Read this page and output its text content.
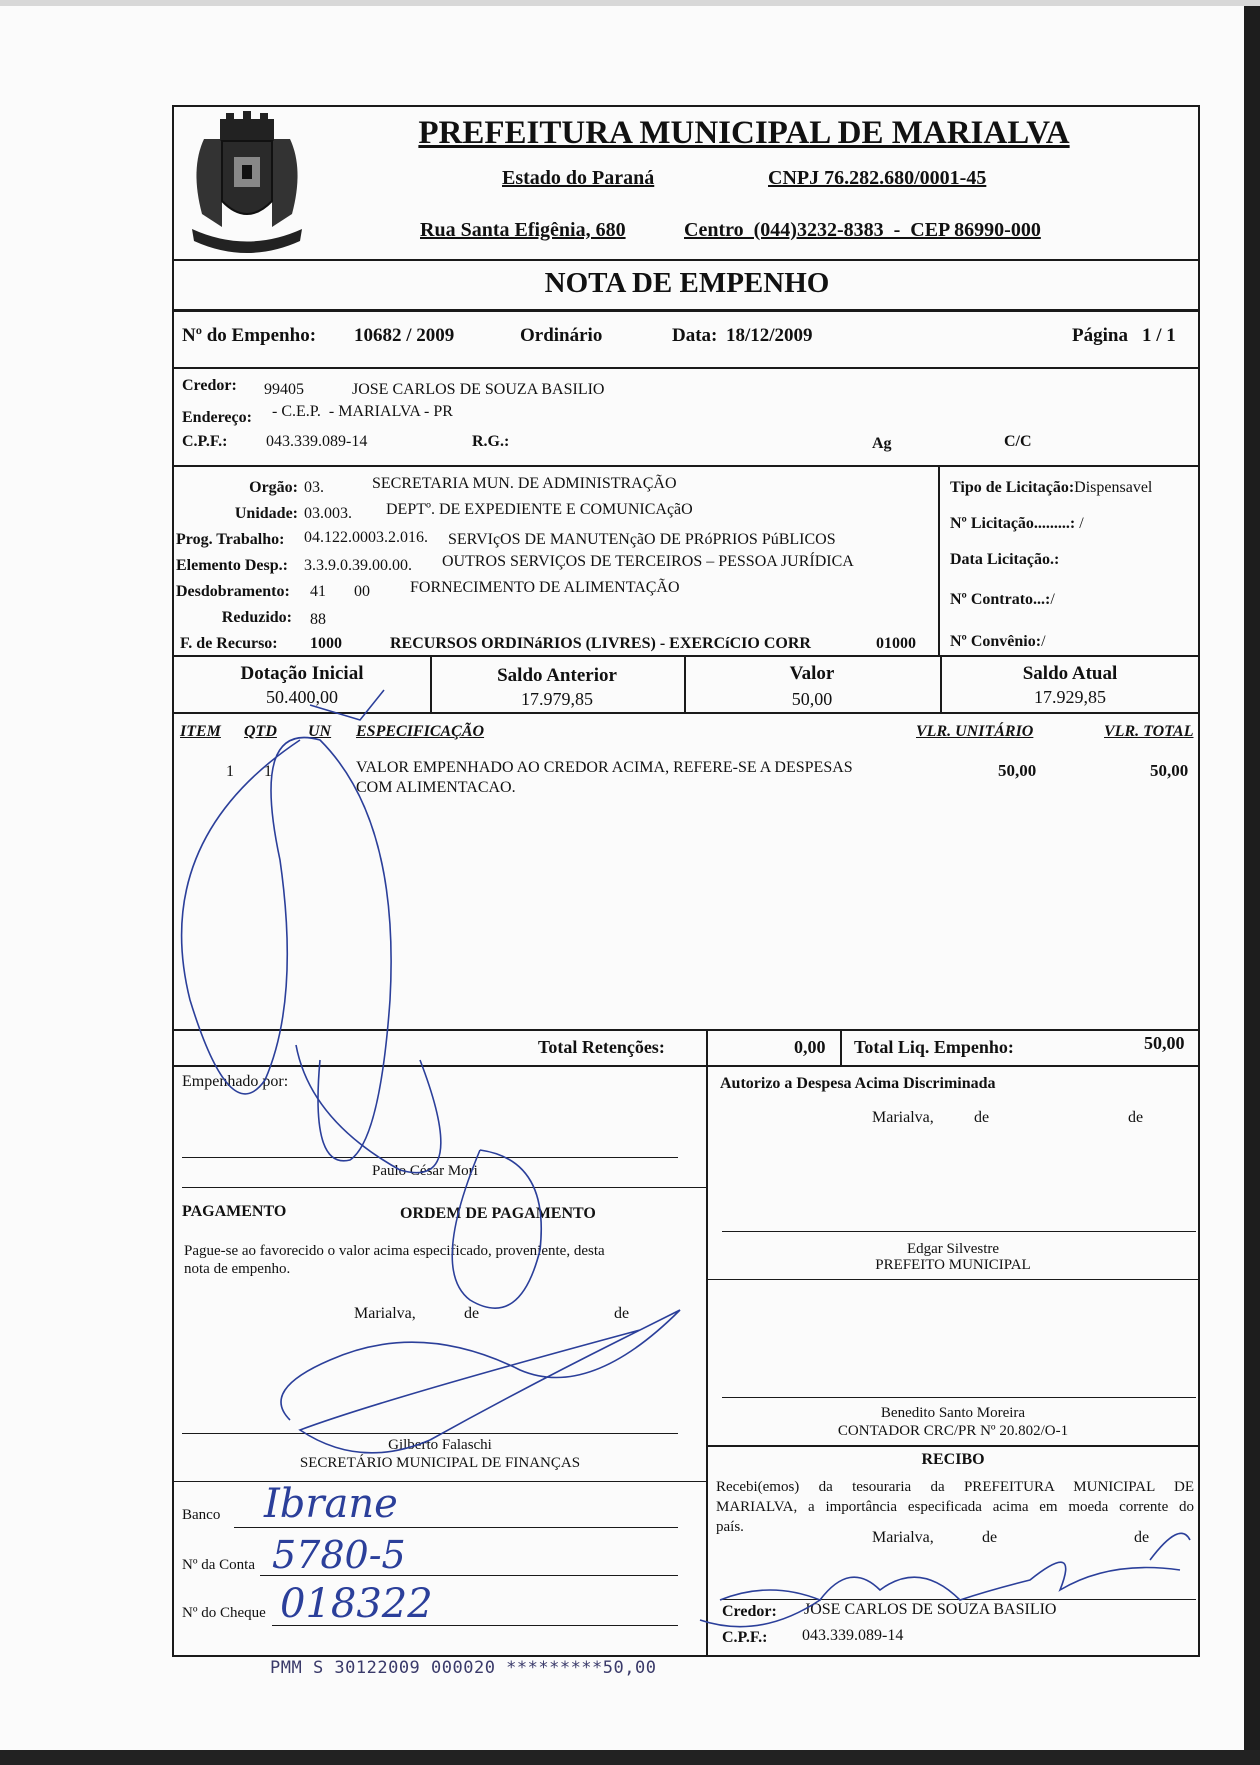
PREFEITURA MUNICIPAL DE MARIALVA
Estado do Paraná	CNPJ 76.282.680/0001-45
Rua Santa Efigênia, 680	Centro  (044)3232-8383  -  CEP 86990-000
NOTA DE EMPENHO
Nº do Empenho: 10682 / 2009	Ordinário	Data: 18/12/2009	Página 1 / 1
Credor: 99405	JOSE CARLOS DE SOUZA BASILIO
Endereço: - C.E.P.  - MARIALVA - PR
C.P.F.: 043.339.089-14	R.G.:	Ag	C/C
Orgão: 03.	SECRETARIA MUN. DE ADMINISTRAÇÃO
Unidade: 03.003. DEPTº. DE EXPEDIENTE E COMUNICAçãO
Prog. Trabalho: 04.122.0003.2.016. SERVIçOS DE MANUTENçãO DE PRóPRIOS PúBLICOS
Elemento Desp.: 3.3.9.0.39.00.00. OUTROS SERVIÇOS DE TERCEIROS – PESSOA JURÍDICA
Desdobramento: 41 00	FORNECIMENTO DE ALIMENTAÇÃO
Reduzido: 88
F. de Recurso: 1000	RECURSOS ORDINáRIOS (LIVRES) - EXERCíCIO CORR	01000
Tipo de Licitação:Dispensavel
Nº Licitação.........: /
Data Licitação.:
Nº Contrato...:/
Nº Convênio:/
Dotação Inicial
50.400,00
Saldo Anterior
17.979,85
Valor
50,00
Saldo Atual
17.929,85
ITEM QTD UN ESPECIFICAÇÃO	VLR. UNITÁRIO	VLR. TOTAL
1 1	VALOR EMPENHADO AO CREDOR ACIMA, REFERE-SE A DESPESAS
COM ALIMENTACAO.
50,00	50,00
Total Retenções:	0,00 Total Liq. Empenho:	50,00
Empenhado por:
Paulo César Mori
Autorizo a Despesa Acima Discriminada
Marialva,	de	de
Edgar Silvestre
PREFEITO MUNICIPAL
Benedito Santo Moreira
CONTADOR CRC/PR Nº 20.802/O-1
PAGAMENTO	ORDEM DE PAGAMENTO
Pague-se ao favorecido o valor acima especificado, proveniente, desta
nota de empenho.
Marialva,	de	de
Gilberto Falaschi
SECRETÁRIO MUNICIPAL DE FINANÇAS
Banco Ibrane
Nº da Conta 5780-5
Nº do Cheque 018322
RECIBO
Recebi(emos) da tesouraria da PREFEITURA MUNICIPAL DE
MARIALVA, a importância especificada acima em moeda corrente do
país.
Marialva,	de	de
Credor: JOSE CARLOS DE SOUZA BASILIO
C.P.F.: 043.339.089-14
PMM S 30122009 000020 *********50,00
